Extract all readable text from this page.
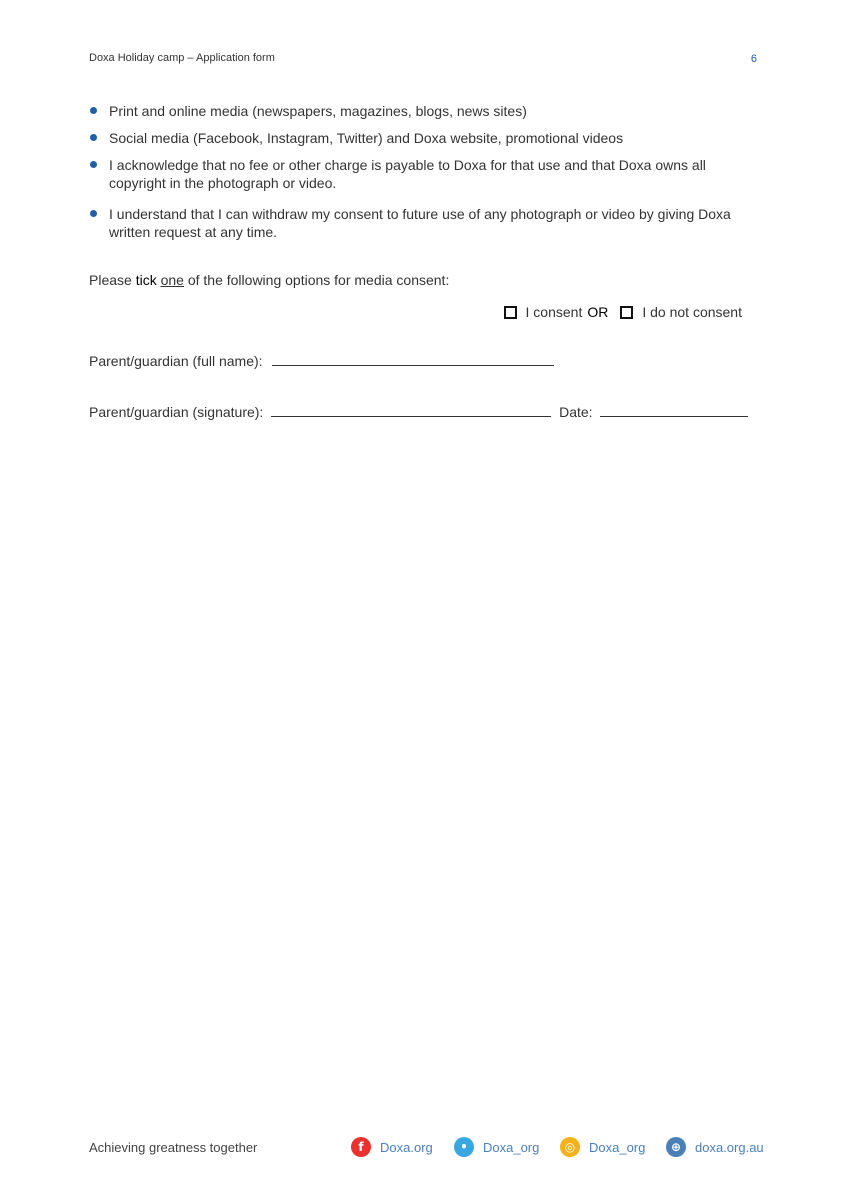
Doxa Holiday camp – Application form	6
Print and online media (newspapers, magazines, blogs, news sites)
Social media (Facebook, Instagram, Twitter) and Doxa website, promotional videos
I acknowledge that no fee or other charge is payable to Doxa for that use and that Doxa owns all copyright in the photograph or video.
I understand that I can withdraw my consent to future use of any photograph or video by giving Doxa written request at any time.
Please tick one of the following options for media consent:
I consent OR I do not consent
Parent/guardian (full name):
Parent/guardian (signature):	Date:
Achieving greatness together	f	Doxa.org	•	Doxa_org	◎	Doxa_org	⊕	doxa.org.au
